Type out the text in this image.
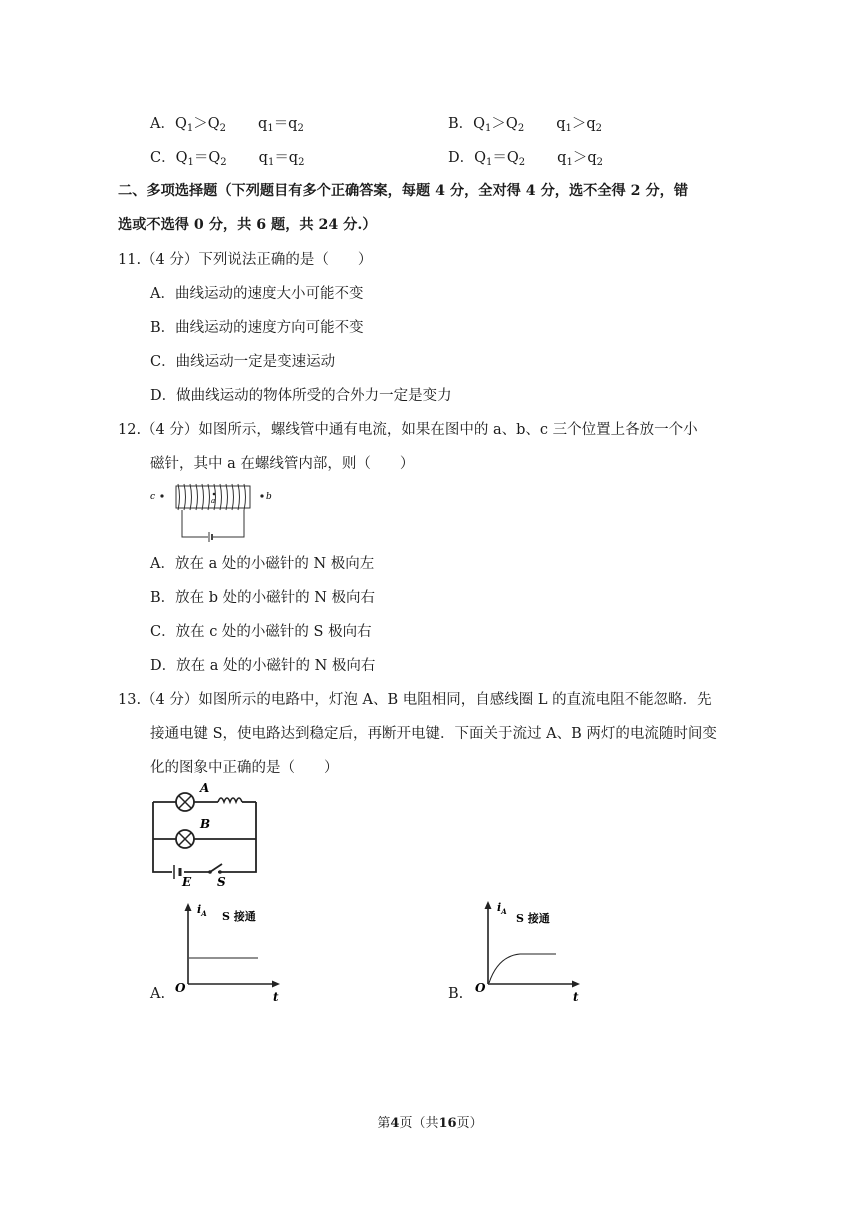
A．$Q_1>Q_2$ $q_1=q_2$	B．$Q_1>Q_2$ $q_1>q_2$
C．$Q_1=Q_2$ $q_1=q_2$	D．$Q_1=Q_2$ $q_1>q_2$
二、多项选择题（下列题目有多个正确答案，每题 4 分，全对得 4 分，选不全得 2 分，错
选或不选得 0 分，共 6 题，共 24 分.）
11.（4 分）下列说法正确的是（　　）
A．曲线运动的速度大小可能不变
B．曲线运动的速度方向可能不变
C．曲线运动一定是变速运动
D．做曲线运动的物体所受的合外力一定是变力
12.（4 分）如图所示，螺线管中通有电流，如果在图中的 a、b、c 三个位置上各放一个小
磁针，其中 a 在螺线管内部，则（　　）
c	a	b
A．放在 a 处的小磁针的 N 极向左
B．放在 b 处的小磁针的 N 极向右
C．放在 c 处的小磁针的 S 极向右
D．放在 a 处的小磁针的 N 极向右
13.（4 分）如图所示的电路中，灯泡 A、B 电阻相同，自感线圈 L 的直流电阻不能忽略．先
接通电键 S，使电路达到稳定后，再断开电键．下面关于流过 A、B 两灯的电流随时间变
化的图象中正确的是（　　）
A
B
E S
A.
$i_A$ S 接通
O
t	B.
$i_A$
S 接通
O
t
第4页（共16页）
